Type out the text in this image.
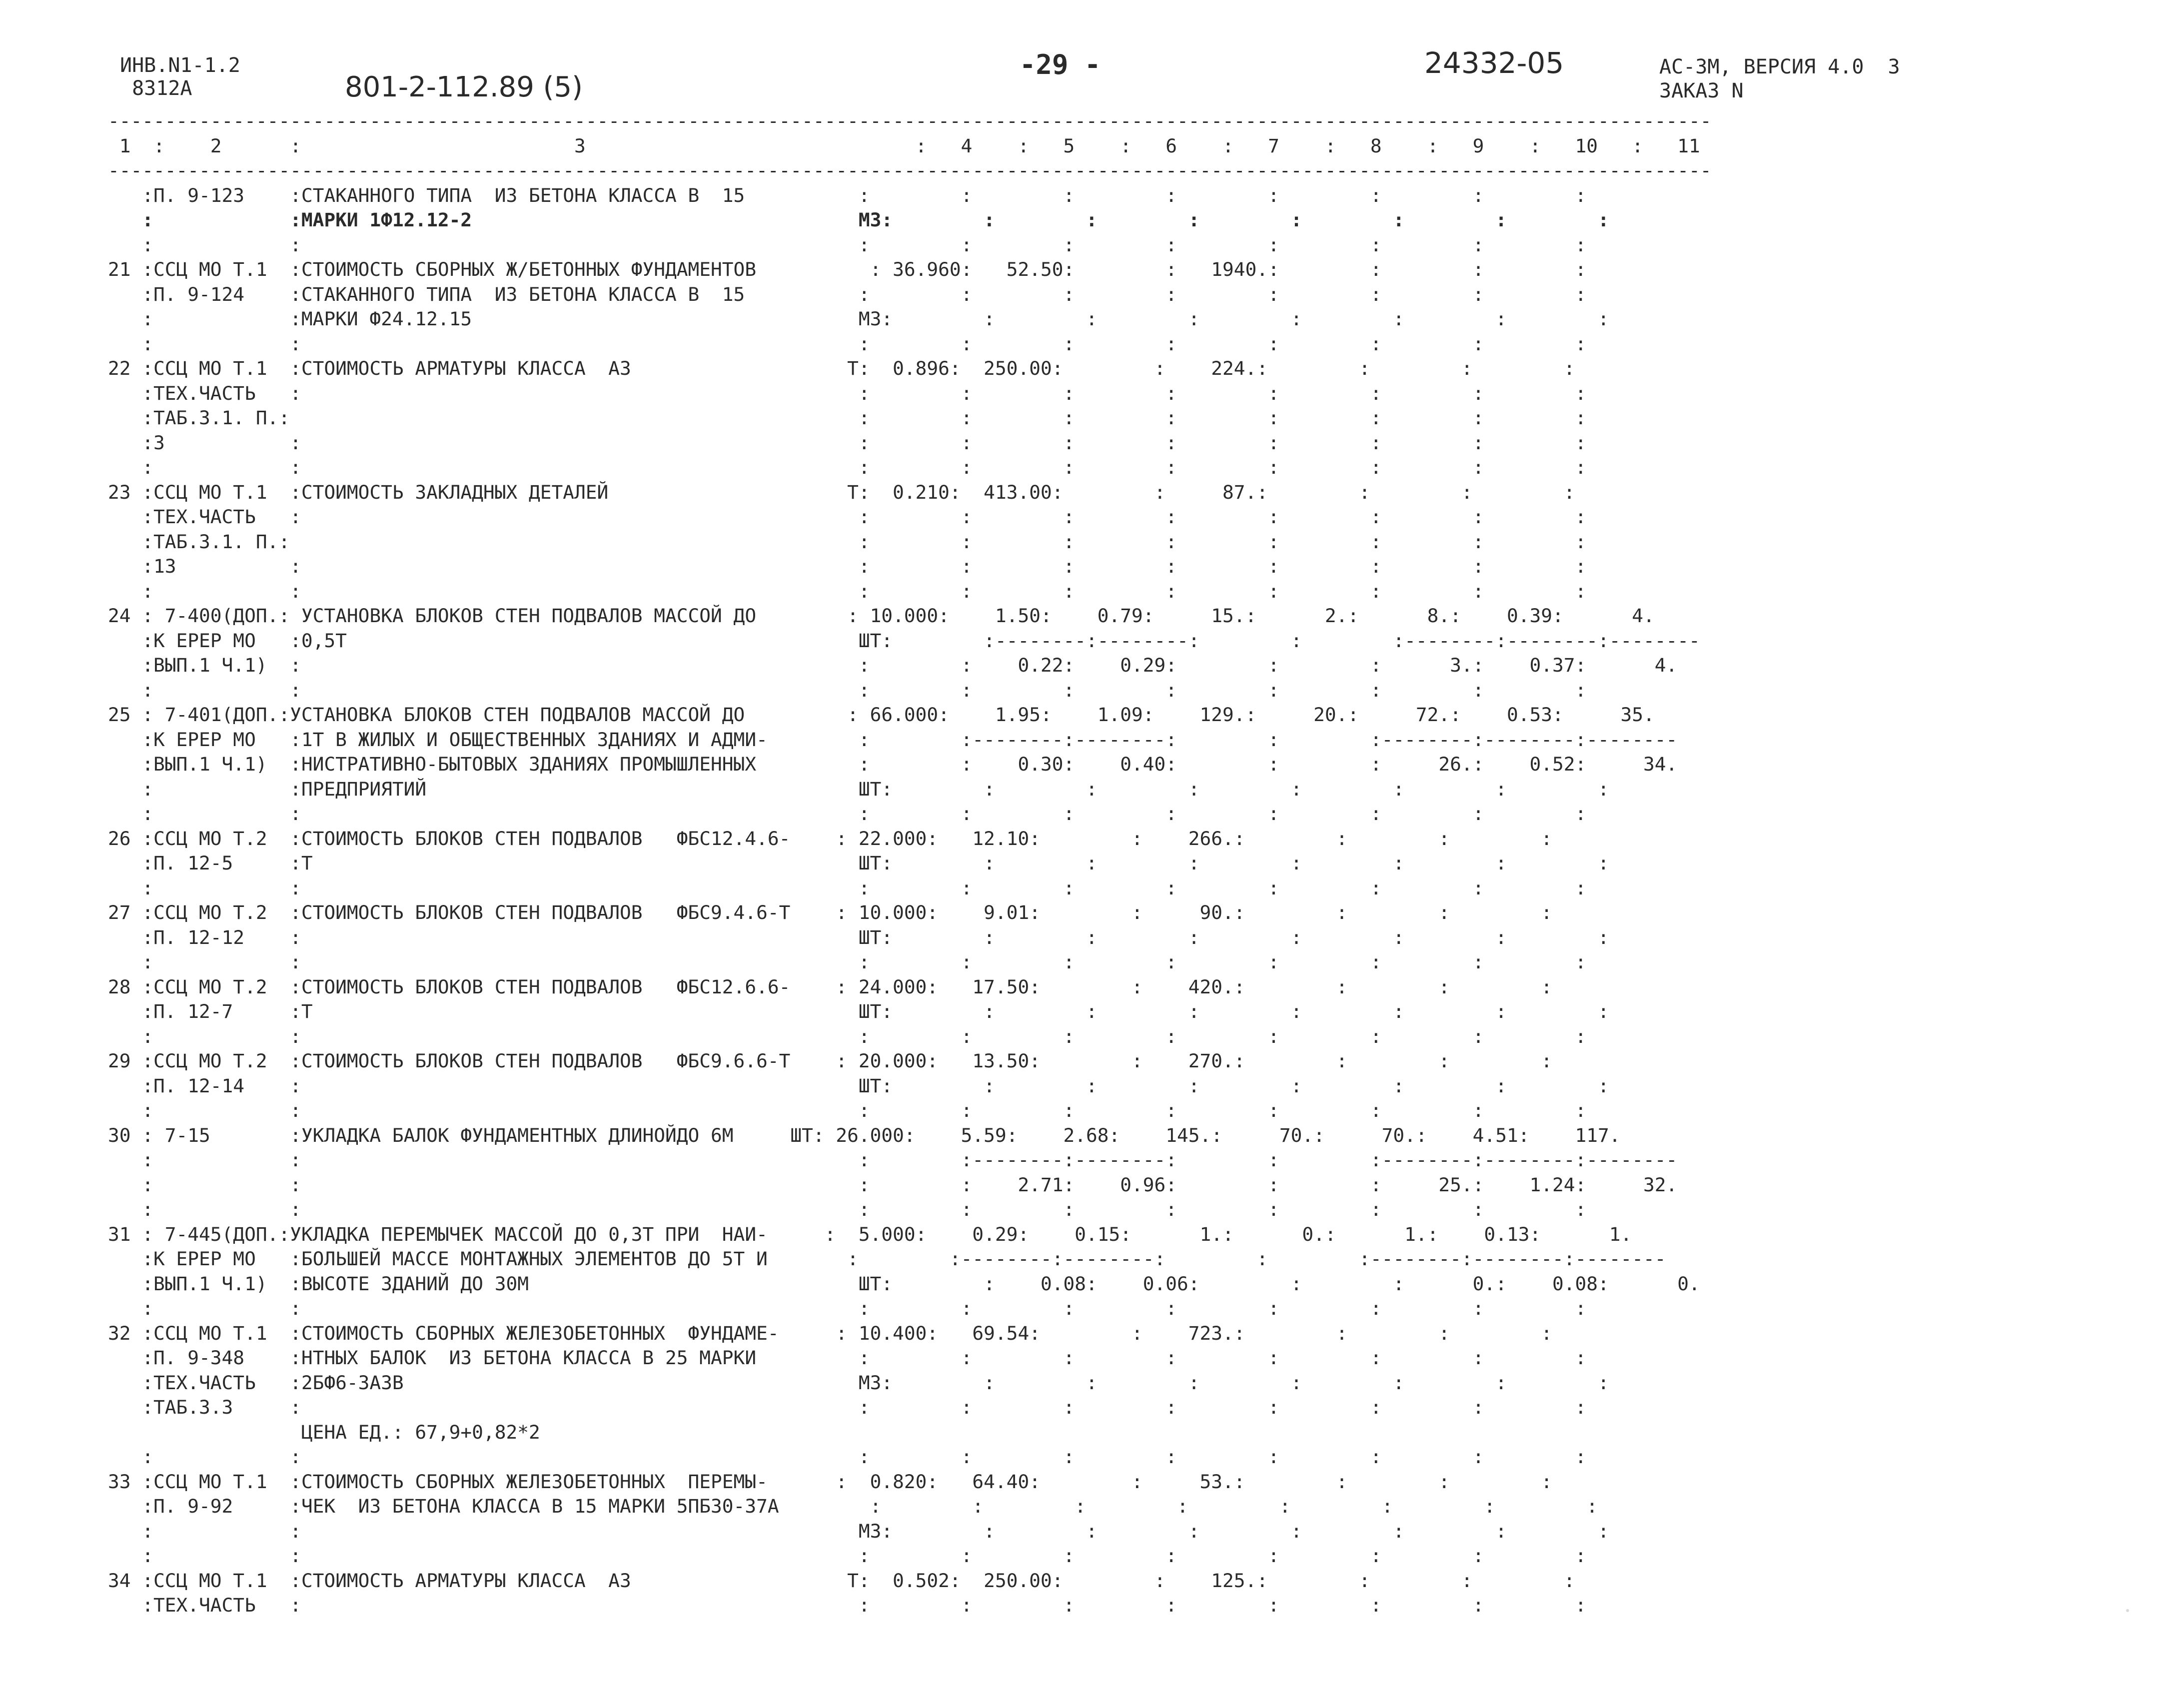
ИНВ.N1-1.2
8312А	801-2-112.89 (5)
-29 -	24332-05	АС-3М, ВЕРСИЯ 4.0  3
ЗАКАЗ N
---------------------------------------------------------------------------------------------------------------------------------------------
1  :    2      :                        3                             :   4    :   5    :   6    :   7    :   8    :   9    :   10   :   11
---------------------------------------------------------------------------------------------------------------------------------------------
:П. 9-123    :СТАКАННОГО ТИПА  ИЗ БЕТОНА КЛАССА В  15          :        :        :        :        :        :        :        :
:            :МАРКИ 1Ф12.12-2                                  М3:        :        :        :        :        :        :        :
:            :                                                 :        :        :        :        :        :        :        :
21 :ССЦ МО Т.1  :СТОИМОСТЬ СБОРНЫХ Ж/БЕТОННЫХ ФУНДАМЕНТОВ          : 36.960:   52.50:        :   1940.:        :        :        :
:П. 9-124    :СТАКАННОГО ТИПА  ИЗ БЕТОНА КЛАССА В  15          :        :        :        :        :        :        :        :
:            :МАРКИ Ф24.12.15                                  М3:        :        :        :        :        :        :        :
:            :                                                 :        :        :        :        :        :        :        :
22 :ССЦ МО Т.1  :СТОИМОСТЬ АРМАТУРЫ КЛАССА  А3                   Т:  0.896:  250.00:        :    224.:        :        :        :
:ТЕХ.ЧАСТЬ   :                                                 :        :        :        :        :        :        :        :
:ТАБ.3.1. П.:                                                  :        :        :        :        :        :        :        :
:3           :                                                 :        :        :        :        :        :        :        :
:            :                                                 :        :        :        :        :        :        :        :
23 :ССЦ МО Т.1  :СТОИМОСТЬ ЗАКЛАДНЫХ ДЕТАЛЕЙ                     Т:  0.210:  413.00:        :     87.:        :        :        :
:ТЕХ.ЧАСТЬ   :                                                 :        :        :        :        :        :        :        :
:ТАБ.3.1. П.:                                                  :        :        :        :        :        :        :        :
:13          :                                                 :        :        :        :        :        :        :        :
:            :                                                 :        :        :        :        :        :        :        :
24 : 7-400(ДОП.: УСТАНОВКА БЛОКОВ СТЕН ПОДВАЛОВ МАССОЙ ДО        : 10.000:    1.50:    0.79:     15.:      2.:      8.:    0.39:      4.
:К ЕРЕР МО   :0,5Т                                             ШТ:        :--------:--------:        :        :--------:--------:--------
:ВЫП.1 Ч.1)  :                                                 :        :    0.22:    0.29:        :        :      3.:    0.37:      4.
:            :                                                 :        :        :        :        :        :        :        :
25 : 7-401(ДОП.:УСТАНОВКА БЛОКОВ СТЕН ПОДВАЛОВ МАССОЙ ДО         : 66.000:    1.95:    1.09:    129.:     20.:     72.:    0.53:     35.
:К ЕРЕР МО   :1Т В ЖИЛЫХ И ОБЩЕСТВЕННЫХ ЗДАНИЯХ И АДМИ-        :        :--------:--------:        :        :--------:--------:--------
:ВЫП.1 Ч.1)  :НИСТРАТИВНО-БЫТОВЫХ ЗДАНИЯХ ПРОМЫШЛЕННЫХ         :        :    0.30:    0.40:        :        :     26.:    0.52:     34.
:            :ПРЕДПРИЯТИЙ                                      ШТ:        :        :        :        :        :        :        :
:            :                                                 :        :        :        :        :        :        :        :
26 :ССЦ МО Т.2  :СТОИМОСТЬ БЛОКОВ СТЕН ПОДВАЛОВ   ФБС12.4.6-    : 22.000:   12.10:        :    266.:        :        :        :
:П. 12-5     :Т                                                ШТ:        :        :        :        :        :        :        :
:            :                                                 :        :        :        :        :        :        :        :
27 :ССЦ МО Т.2  :СТОИМОСТЬ БЛОКОВ СТЕН ПОДВАЛОВ   ФБС9.4.6-Т    : 10.000:    9.01:        :     90.:        :        :        :
:П. 12-12    :                                                 ШТ:        :        :        :        :        :        :        :
:            :                                                 :        :        :        :        :        :        :        :
28 :ССЦ МО Т.2  :СТОИМОСТЬ БЛОКОВ СТЕН ПОДВАЛОВ   ФБС12.6.6-    : 24.000:   17.50:        :    420.:        :        :        :
:П. 12-7     :Т                                                ШТ:        :        :        :        :        :        :        :
:            :                                                 :        :        :        :        :        :        :        :
29 :ССЦ МО Т.2  :СТОИМОСТЬ БЛОКОВ СТЕН ПОДВАЛОВ   ФБС9.6.6-Т    : 20.000:   13.50:        :    270.:        :        :        :
:П. 12-14    :                                                 ШТ:        :        :        :        :        :        :        :
:            :                                                 :        :        :        :        :        :        :        :
30 : 7-15       :УКЛАДКА БАЛОК ФУНДАМЕНТНЫХ ДЛИНОЙДО 6М     ШТ: 26.000:    5.59:    2.68:    145.:     70.:     70.:    4.51:    117.
:            :                                                 :        :--------:--------:        :        :--------:--------:--------
:            :                                                 :        :    2.71:    0.96:        :        :     25.:    1.24:     32.
:            :                                                 :        :        :        :        :        :        :        :
31 : 7-445(ДОП.:УКЛАДКА ПЕРЕМЫЧЕК МАССОЙ ДО 0,3Т ПРИ  НАИ-     :  5.000:    0.29:    0.15:      1.:      0.:      1.:    0.13:      1.
:К ЕРЕР МО   :БОЛЬШЕЙ МАССЕ МОНТАЖНЫХ ЭЛЕМЕНТОВ ДО 5Т И       :        :--------:--------:        :        :--------:--------:--------
:ВЫП.1 Ч.1)  :ВЫСОТЕ ЗДАНИЙ ДО 30М                             ШТ:        :    0.08:    0.06:        :        :      0.:    0.08:      0.
:            :                                                 :        :        :        :        :        :        :        :
32 :ССЦ МО Т.1  :СТОИМОСТЬ СБОРНЫХ ЖЕЛЕЗОБЕТОННЫХ  ФУНДАМЕ-     : 10.400:   69.54:        :    723.:        :        :        :
:П. 9-348    :НТНЫХ БАЛОК  ИЗ БЕТОНА КЛАССА В 25 МАРКИ         :        :        :        :        :        :        :        :
:ТЕХ.ЧАСТЬ   :2БФ6-3А3В                                        М3:        :        :        :        :        :        :        :
:ТАБ.3.3     :                                                 :        :        :        :        :        :        :        :
ЦЕНА ЕД.: 67,9+0,82*2
:            :                                                 :        :        :        :        :        :        :        :
33 :ССЦ МО Т.1  :СТОИМОСТЬ СБОРНЫХ ЖЕЛЕЗОБЕТОННЫХ  ПЕРЕМЫ-      :  0.820:   64.40:        :     53.:        :        :        :
:П. 9-92     :ЧЕК  ИЗ БЕТОНА КЛАССА В 15 МАРКИ 5ПБ30-37А        :        :        :        :        :        :        :        :
:            :                                                 М3:        :        :        :        :        :        :        :
:            :                                                 :        :        :        :        :        :        :        :
34 :ССЦ МО Т.1  :СТОИМОСТЬ АРМАТУРЫ КЛАССА  А3                   Т:  0.502:  250.00:        :    125.:        :        :        :
:ТЕХ.ЧАСТЬ   :                                                 :        :        :        :        :        :        :        :
